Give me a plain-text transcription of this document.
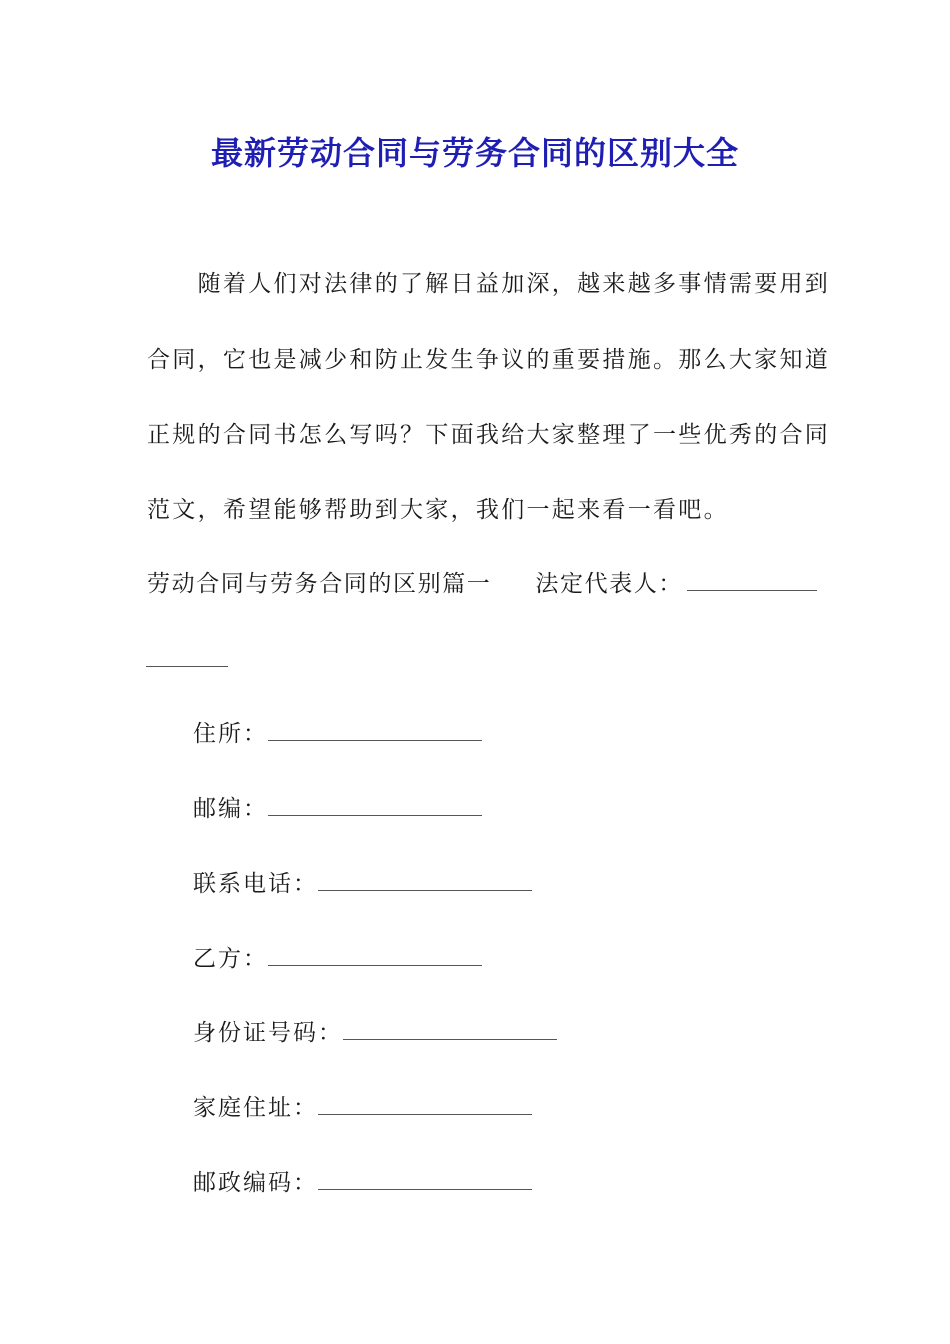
最新劳动合同与劳务合同的区别大全
　　随着人们对法律的了解日益加深，越来越多事情需要用到
合同，它也是减少和防止发生争议的重要措施。那么大家知道
正规的合同书怎么写吗？下面我给大家整理了一些优秀的合同
范文，希望能够帮助到大家，我们一起来看一看吧。
劳动合同与劳务合同的区别篇一 法定代表人：
住所：
邮编：
联系电话：
乙方：
身份证号码：
家庭住址：
邮政编码：
